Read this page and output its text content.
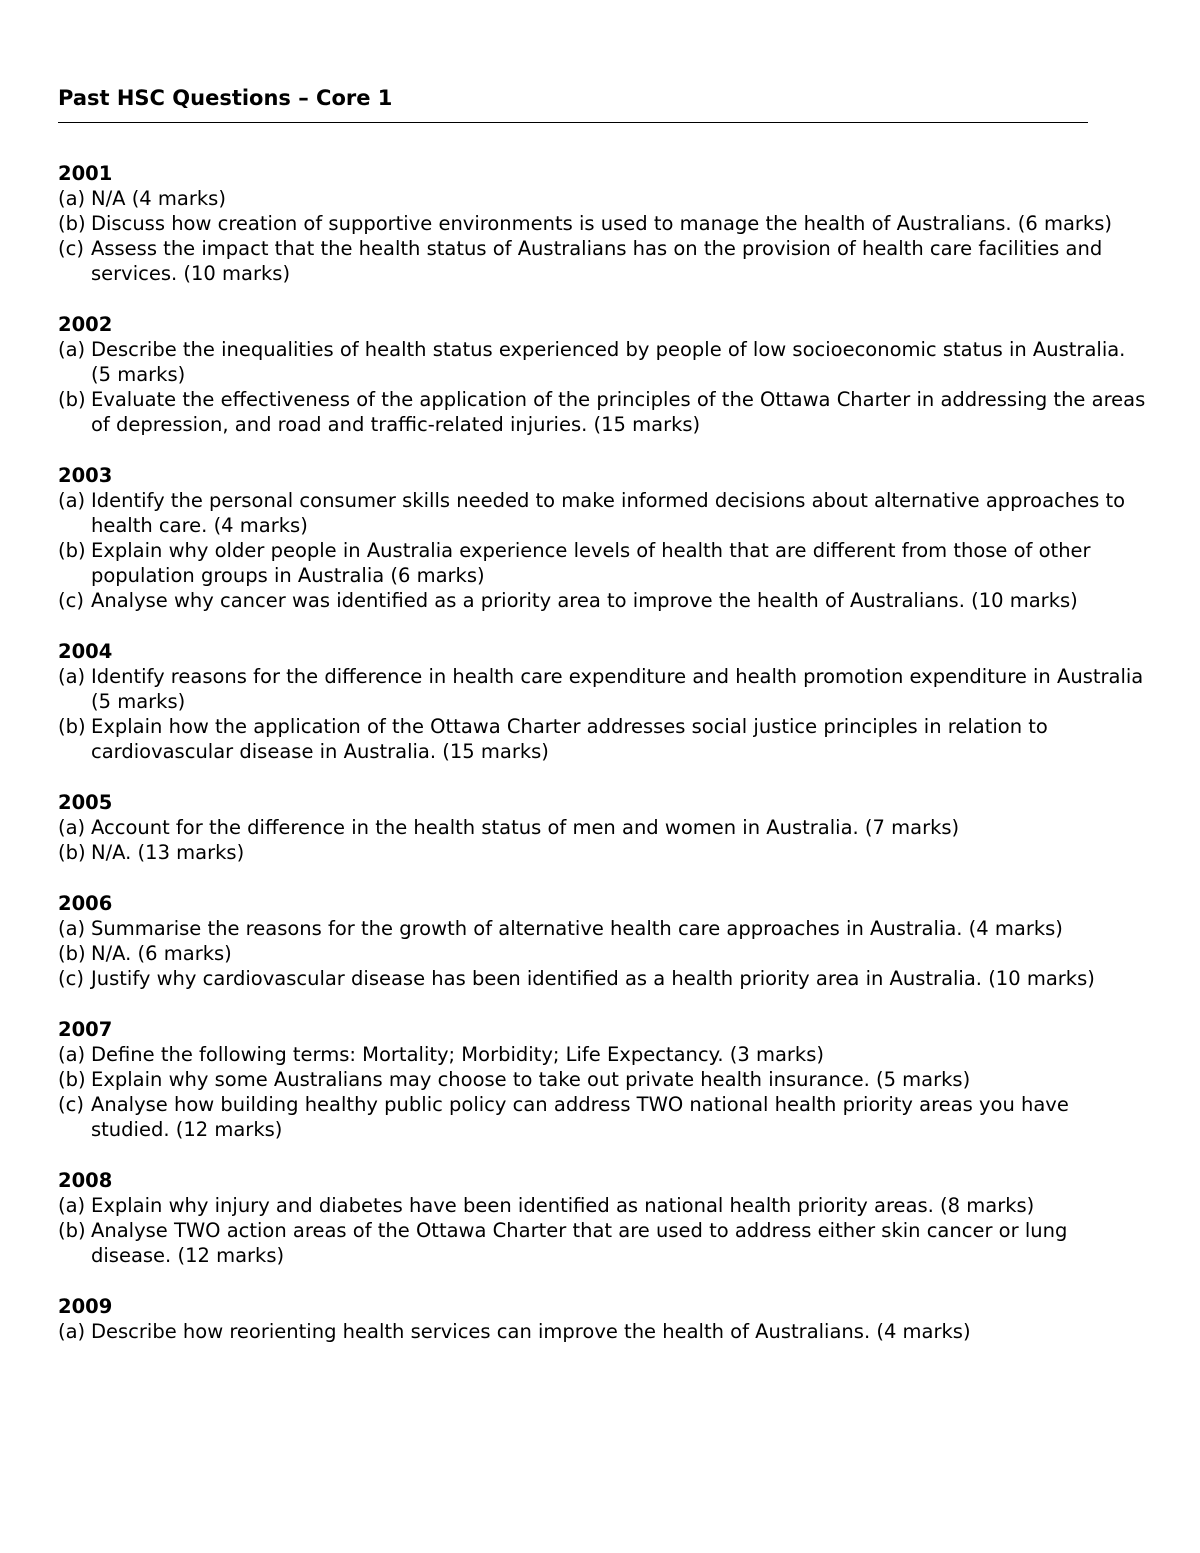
Past HSC Questions – Core 1
2001
(a) N/A (4 marks)
(b) Discuss how creation of supportive environments is used to manage the health of Australians. (6 marks)
(c) Assess the impact that the health status of Australians has on the provision of health care facilities and
services. (10 marks)
2002
(a) Describe the inequalities of health status experienced by people of low socioeconomic status in Australia. (5 marks)
(b) Evaluate the effectiveness of the application of the principles of the Ottawa Charter in addressing the areas of depression, and road and traffic-related injuries. (15 marks)
2003
(a) Identify the personal consumer skills needed to make informed decisions about alternative approaches to health care. (4 marks)
(b) Explain why older people in Australia experience levels of health that are different from those of other population groups in Australia (6 marks)
(c) Analyse why cancer was identified as a priority area to improve the health of Australians. (10 marks)
2004
(a) Identify reasons for the difference in health care expenditure and health promotion expenditure in Australia (5 marks)
(b) Explain how the application of the Ottawa Charter addresses social justice principles in relation to cardiovascular disease in Australia. (15 marks)
2005
(a) Account for the difference in the health status of men and women in Australia. (7 marks)
(b) N/A. (13 marks)
2006
(a) Summarise the reasons for the growth of alternative health care approaches in Australia. (4 marks)
(b) N/A. (6 marks)
(c) Justify why cardiovascular disease has been identified as a health priority area in Australia. (10 marks)
2007
(a) Define the following terms: Mortality; Morbidity; Life Expectancy. (3 marks)
(b) Explain why some Australians may choose to take out private health insurance. (5 marks)
(c) Analyse how building healthy public policy can address TWO national health priority areas you have studied. (12 marks)
2008
(a) Explain why injury and diabetes have been identified as national health priority areas. (8 marks)
(b) Analyse TWO action areas of the Ottawa Charter that are used to address either skin cancer or lung disease. (12 marks)
2009
(a) Describe how reorienting health services can improve the health of Australians. (4 marks)
